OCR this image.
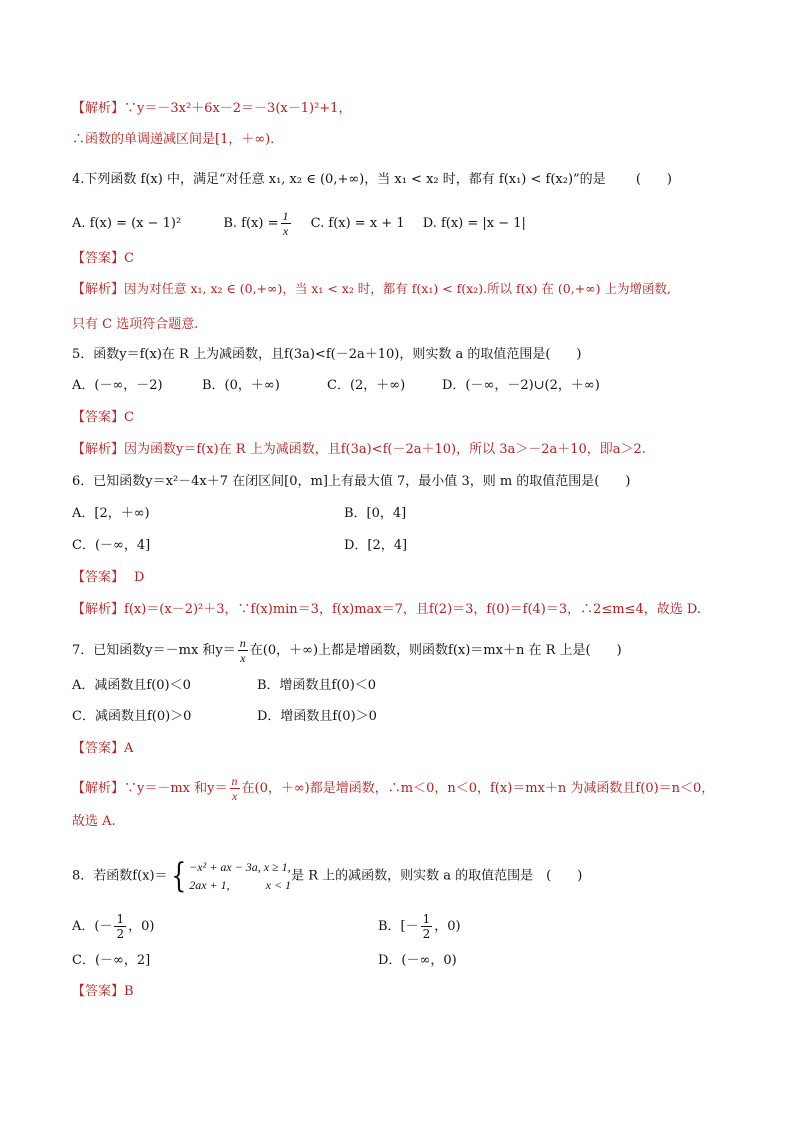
【解析】∵y＝－3x²＋6x－2＝－3(x－1)²+1，
∴函数的单调递减区间是[1，＋∞)．
4.下列函数 f(x) 中，满足“对任意 x₁, x₂ ∈ (0,+∞)，当 x₁ < x₂ 时，都有 f(x₁) < f(x₂)”的是 (　　)
A. f(x) = (x − 1)²	B. $f(x) = \frac{1}{x} C$. f(x) = x + 1 D. f(x) = |x − 1|
【答案】C
【解析】因为对任意 x₁, x₂ ∈ (0,+∞)，当 x₁ < x₂ 时，都有 f(x₁) < f(x₂).所以 f(x) 在 (0,+∞) 上为增函数,
只有 C 选项符合题意.
5．函数y＝f(x)在 R 上为减函数，且f(3a)<f(－2a＋10)，则实数 a 的取值范围是(　　)
A．(－∞，－2)	B．(0，＋∞)	C．(2，＋∞)	D．(－∞，－2)∪(2，＋∞)
【答案】C
【解析】因为函数y＝f(x)在 R 上为减函数，且f(3a)<f(－2a＋10)，所以 3a＞－2a＋10，即a＞2.
6．已知函数y＝x²－4x＋7 在闭区间[0，m]上有最大值 7，最小值 3，则 m 的取值范围是(　　)
A．[2，＋∞)	B．[0，4]
C．(－∞，4]	D．[2，4]
【答案】 D
【解析】f(x)＝(x－2)²＋3，∵f(x)min＝3，f(x)max＝7，且f(2)＝3，f(0)＝f(4)＝3，∴2≤m≤4，故选 D.
7．已知函数y＝－mx 和$y= \frac{n}{x}$ 在(0，＋∞)上都是增函数，则函数f(x)＝mx＋n 在 R 上是(　　)
A．减函数且f(0)＜0	B．增函数且f(0)＜0
C．减函数且f(0)＞0	D．增函数且f(0)＞0
【答案】A
【解析】∵y＝－mx 和$y= \frac{n}{x}$ 在(0，＋∞)都是增函数，∴m＜0，n＜0，f(x)＝mx＋n 为减函数且f(0)＝n＜0，
故选 A.
8．若函数f(x)＝{ −x² + ax − 3a, x ≥ 1,
2ax + 1,　　　x < 1是 R 上的减函数，则实数 a 的取值范围是　(　　)
A．(－ $\frac{1}{2}$ ，0)	B．[－ $\frac{1}{2}$ ，0)
C．(－∞，2]	D．(－∞，0)
【答案】B
